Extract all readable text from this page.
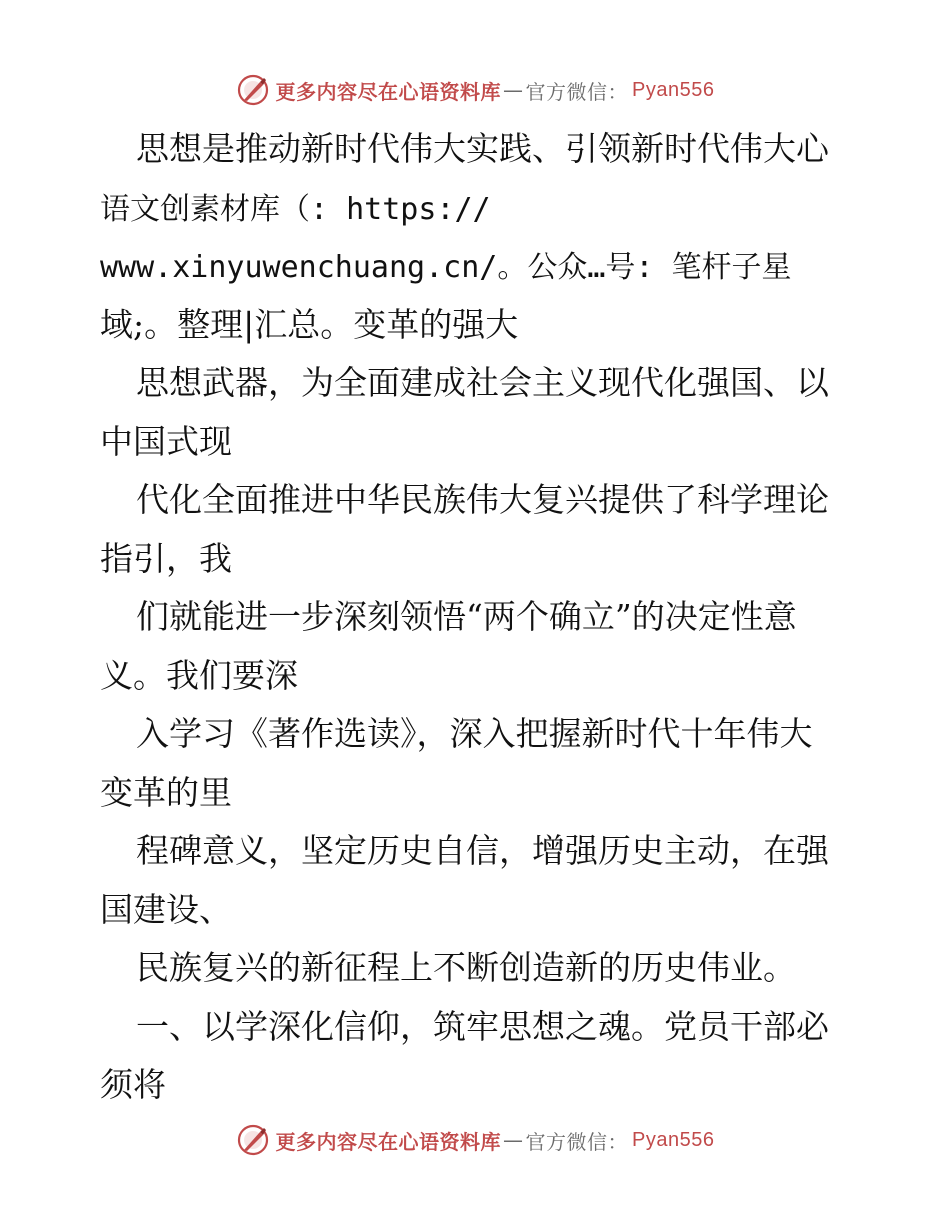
更多内容尽在心语资料库 — 官方微信： Pyan556
思想是推动新时代伟大实践、引领新时代伟大心
语文创素材库（: https://
www.xinyuwenchuang.cn/。公众…号: 笔杆子星
域;。整理|汇总。变革的强大
思想武器，为全面建成社会主义现代化强国、以
中国式现
代化全面推进中华民族伟大复兴提供了科学理论
指引，我
们就能进一步深刻领悟“两个确立”的决定性意
义。我们要深
入学习《著作选读》，深入把握新时代十年伟大
变革的里
程碑意义，坚定历史自信，增强历史主动，在强
国建设、
民族复兴的新征程上不断创造新的历史伟业。
一、以学深化信仰，筑牢思想之魂。党员干部必
须将
更多内容尽在心语资料库 — 官方微信： Pyan556
